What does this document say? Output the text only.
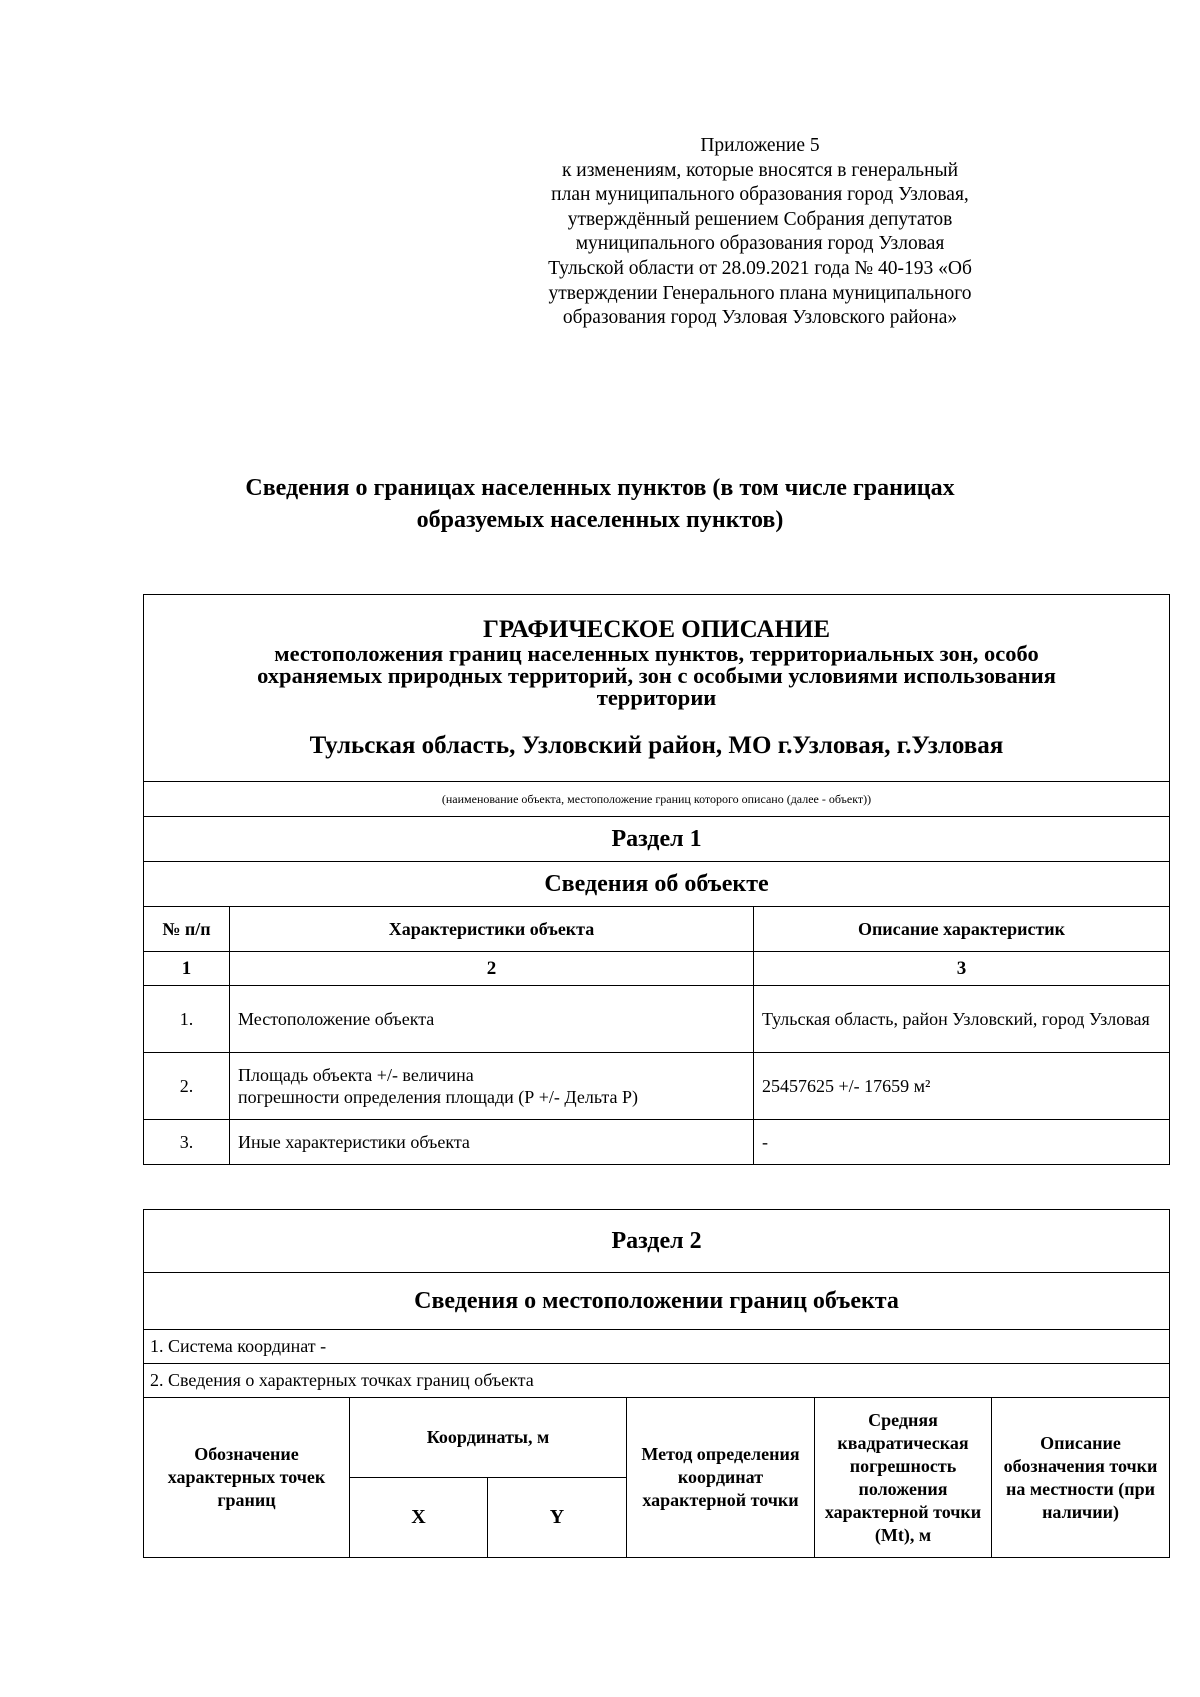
Приложение 5
к изменениям, которые вносятся в генеральный
план муниципального образования город Узловая,
утверждённый решением Собрания депутатов
муниципального образования город Узловая
Тульской области от 28.09.2021 года № 40-193 «Об
утверждении Генерального плана муниципального
образования город Узловая Узловского района»
Сведения о границах населенных пунктов (в том числе границах
образуемых населенных пунктов)
ГРАФИЧЕСКОЕ ОПИСАНИЕ
местоположения границ населенных пунктов, территориальных зон, особо
охраняемых природных территорий, зон с особыми условиями использования
территории
Тульская область, Узловский район, МО г.Узловая, г.Узловая		

(наименование объекта, местоположение границ которого описано (далее - объект))		
Раздел 1		
Сведения об объекте		
№ п/п	Характеристики объекта	Описание характеристик
1	2	3
1.	Местоположение объекта	Тульская область, район Узловский, город Узловая
2.	Площадь объекта +/- величина
погрешности определения площади (Р +/- Дельта Р)	25457625 +/- 17659 м²
3.	Иные характеристики объекта	-
Раздел 2					
Сведения о местоположении границ объекта					
1. Система координат -					
2. Сведения о характерных точках границ объекта					
Обозначение характерных точек границ	Координаты, м		Метод определения координат характерной точки	Средняя квадратическая погрешность положения характерной точки (Mt), м	Описание обозначения точки на местности (при наличии)
	X	Y			
